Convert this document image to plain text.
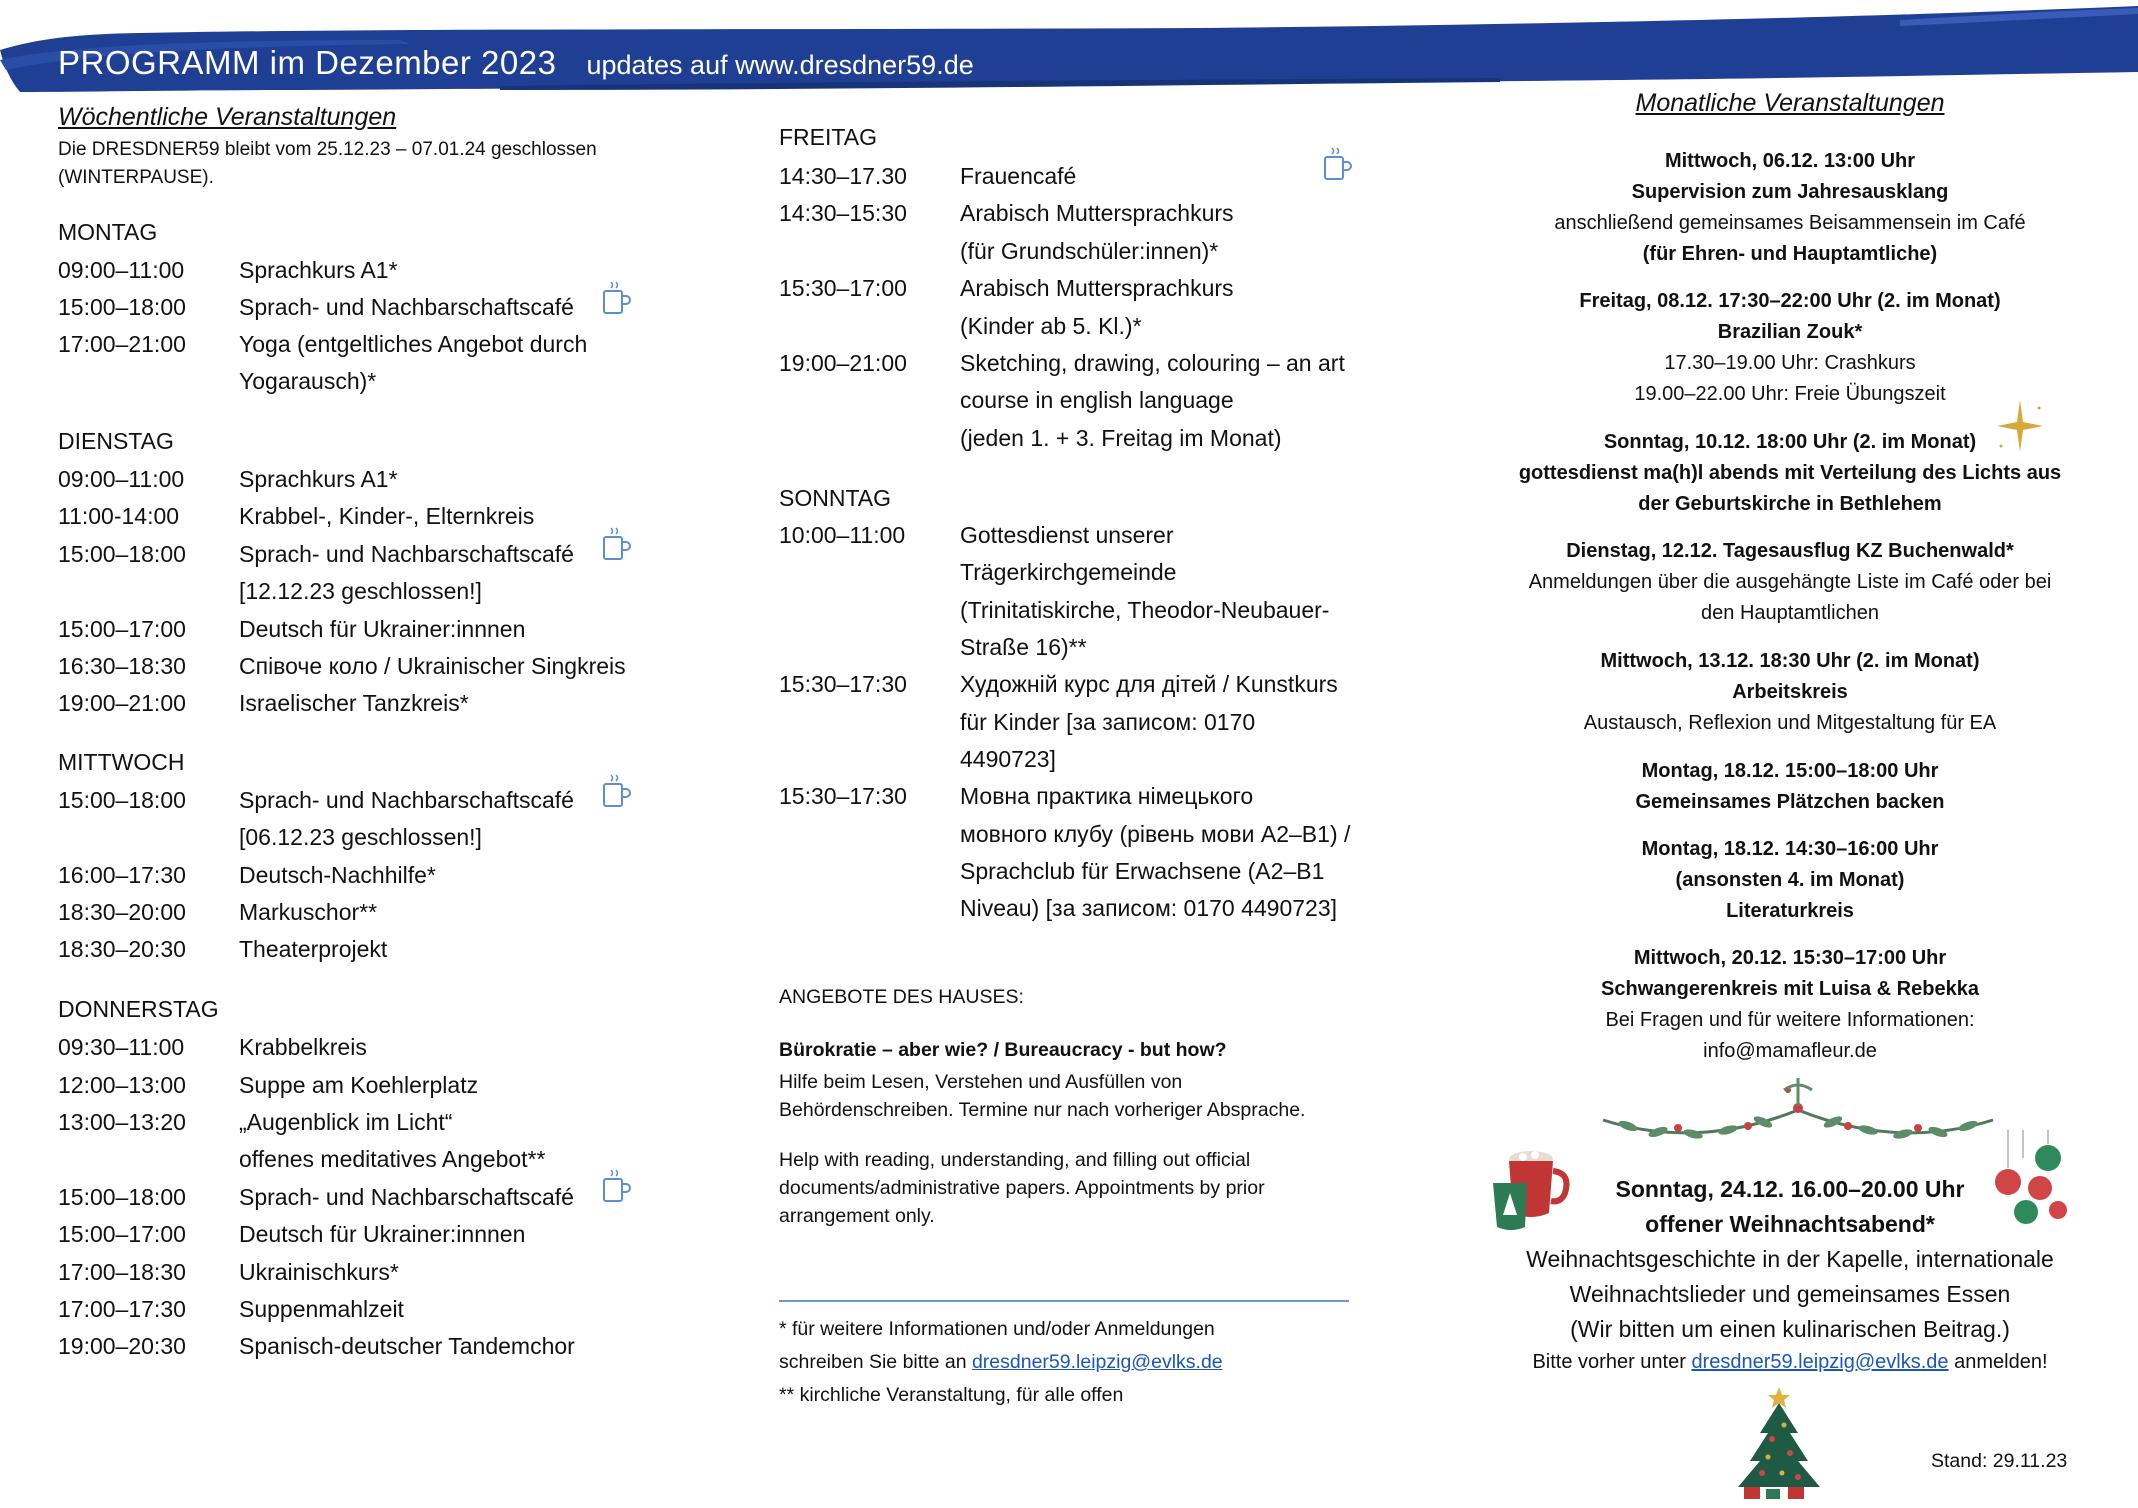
PROGRAMM im Dezember 2023 updates auf www.dresdner59.de
Wöchentliche Veranstaltungen
Die DRESDNER59 bleibt vom 25.12.23 – 07.01.24 geschlossen
(WINTERPAUSE).
MONTAG
09:00–11:00 Sprachkurs A1*
15:00–18:00 Sprach- und Nachbarschaftscafé
17:00–21:00 Yoga (entgeltliches Angebot durch
Yogarausch)*
DIENSTAG
09:00–11:00 Sprachkurs A1*
11:00-14:00	Krabbel-, Kinder-, Elternkreis
15:00–18:00 Sprach- und Nachbarschaftscafé
[12.12.23 geschlossen!]
15:00–17:00 Deutsch für Ukrainer:innnen
16:30–18:30 Співоче коло / Ukrainischer Singkreis
19:00–21:00 Israelischer Tanzkreis*
MITTWOCH
15:00–18:00 Sprach- und Nachbarschaftscafé
[06.12.23 geschlossen!]
16:00–17:30 Deutsch-Nachhilfe*
18:30–20:00 Markuschor**
18:30–20:30 Theaterprojekt
DONNERSTAG
09:30–11:00 Krabbelkreis
12:00–13:00 Suppe am Koehlerplatz
13:00–13:20 „Augenblick im Licht“
offenes meditatives Angebot**
15:00–18:00 Sprach- und Nachbarschaftscafé
15:00–17:00 Deutsch für Ukrainer:innnen
17:00–18:30 Ukrainischkurs*
17:00–17:30 Suppenmahlzeit
19:00–20:30 Spanisch-deutscher Tandemchor
FREITAG
14:30–17.30 Frauencafé
14:30–15:30 Arabisch Muttersprachkurs
(für Grundschüler:innen)*
15:30–17:00 Arabisch Muttersprachkurs
(Kinder ab 5. Kl.)*
19:00–21:00 Sketching, drawing, colouring – an art
course in english language
(jeden 1. + 3. Freitag im Monat)
SONNTAG
10:00–11:00 Gottesdienst unserer
Trägerkirchgemeinde
(Trinitatiskirche, Theodor-Neubauer-
Straße 16)**
15:30–17:30 Художній курс для дітей / Kunstkurs
für Kinder [за записом: 0170
4490723]
15:30–17:30 Мовна практика німецького
мовного клубу (рівень мови A2–B1) /
Sprachclub für Erwachsene (A2–B1
Niveau) [за записом: 0170 4490723]
ANGEBOTE DES HAUSES:
Bürokratie – aber wie? / Bureaucracy - but how?
Hilfe beim Lesen, Verstehen und Ausfüllen von
Behördenschreiben. Termine nur nach vorheriger Absprache.
Help with reading, understanding, and filling out official
documents/administrative papers. Appointments by prior
arrangement only.
* für weitere Informationen und/oder Anmeldungen
schreiben Sie bitte an dresdner59.leipzig@evlks.de
** kirchliche Veranstaltung, für alle offen
Monatliche Veranstaltungen
Mittwoch, 06.12. 13:00 Uhr
Supervision zum Jahresausklang
anschließend gemeinsames Beisammensein im Café
(für Ehren- und Hauptamtliche)
Freitag, 08.12. 17:30–22:00 Uhr (2. im Monat)
Brazilian Zouk*
17.30–19.00 Uhr: Crashkurs
19.00–22.00 Uhr: Freie Übungszeit
Sonntag, 10.12. 18:00 Uhr (2. im Monat)
gottesdienst ma(h)l abends mit Verteilung des Lichts aus
der Geburtskirche in Bethlehem
Dienstag, 12.12. Tagesausflug KZ Buchenwald*
Anmeldungen über die ausgehängte Liste im Café oder bei
den Hauptamtlichen
Mittwoch, 13.12. 18:30 Uhr (2. im Monat)
Arbeitskreis
Austausch, Reflexion und Mitgestaltung für EA
Montag, 18.12. 15:00–18:00 Uhr
Gemeinsames Plätzchen backen
Montag, 18.12. 14:30–16:00 Uhr
(ansonsten 4. im Monat)
Literaturkreis
Mittwoch, 20.12. 15:30–17:00 Uhr
Schwangerenkreis mit Luisa & Rebekka
Bei Fragen und für weitere Informationen:
info@mamafleur.de
Sonntag, 24.12. 16.00–20.00 Uhr
offener Weihnachtsabend*
Weihnachtsgeschichte in der Kapelle, internationale
Weihnachtslieder und gemeinsames Essen
(Wir bitten um einen kulinarischen Beitrag.)
Bitte vorher unter dresdner59.leipzig@evlks.de anmelden!
Stand: 29.11.23
